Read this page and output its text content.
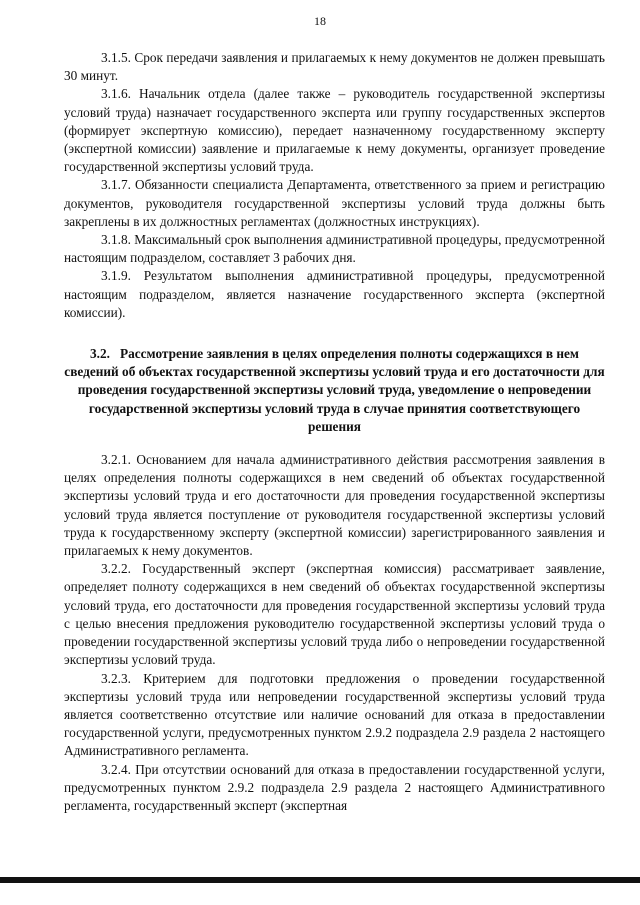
18

3.1.5. Срок передачи заявления и прилагаемых к нему документов не должен превышать 30 минут.

3.1.6. Начальник отдела (далее также – руководитель государственной экспертизы условий труда) назначает государственного эксперта или группу государственных экспертов (формирует экспертную комиссию), передает назначенному государственному эксперту (экспертной комиссии) заявление и прилагаемые к нему документы, организует проведение государственной экспертизы условий труда.

3.1.7. Обязанности специалиста Департамента, ответственного за прием и регистрацию документов, руководителя государственной экспертизы условий труда должны быть закреплены в их должностных регламентах (должностных инструкциях).

3.1.8. Максимальный срок выполнения административной процедуры, предусмотренной настоящим подразделом, составляет 3 рабочих дня.

3.1.9. Результатом выполнения административной процедуры, предусмотренной настоящим подразделом, является назначение государственного эксперта (экспертной комиссии).

3.2. Рассмотрение заявления в целях определения полноты содержащихся в нем сведений об объектах государственной экспертизы условий труда и его достаточности для проведения государственной экспертизы условий труда, уведомление о непроведении государственной экспертизы условий труда в случае принятия соответствующего решения

3.2.1. Основанием для начала административного действия рассмотрения заявления в целях определения полноты содержащихся в нем сведений об объектах государственной экспертизы условий труда и его достаточности для проведения государственной экспертизы условий труда является поступление от руководителя государственной экспертизы условий труда к государственному эксперту (экспертной комиссии) зарегистрированного заявления и прилагаемых к нему документов.

3.2.2. Государственный эксперт (экспертная комиссия) рассматривает заявление, определяет полноту содержащихся в нем сведений об объектах государственной экспертизы условий труда, его достаточности для проведения государственной экспертизы условий труда с целью внесения предложения руководителю государственной экспертизы условий труда о проведении государственной экспертизы условий труда либо о непроведении государственной экспертизы условий труда.

3.2.3. Критерием для подготовки предложения о проведении государственной экспертизы условий труда или непроведении государственной экспертизы условий труда является соответственно отсутствие или наличие оснований для отказа в предоставлении государственной услуги, предусмотренных пунктом 2.9.2 подраздела 2.9 раздела 2 настоящего Административного регламента.

3.2.4. При отсутствии оснований для отказа в предоставлении государственной услуги, предусмотренных пунктом 2.9.2 подраздела 2.9 раздела 2 настоящего Административного регламента, государственный эксперт (экспертная
